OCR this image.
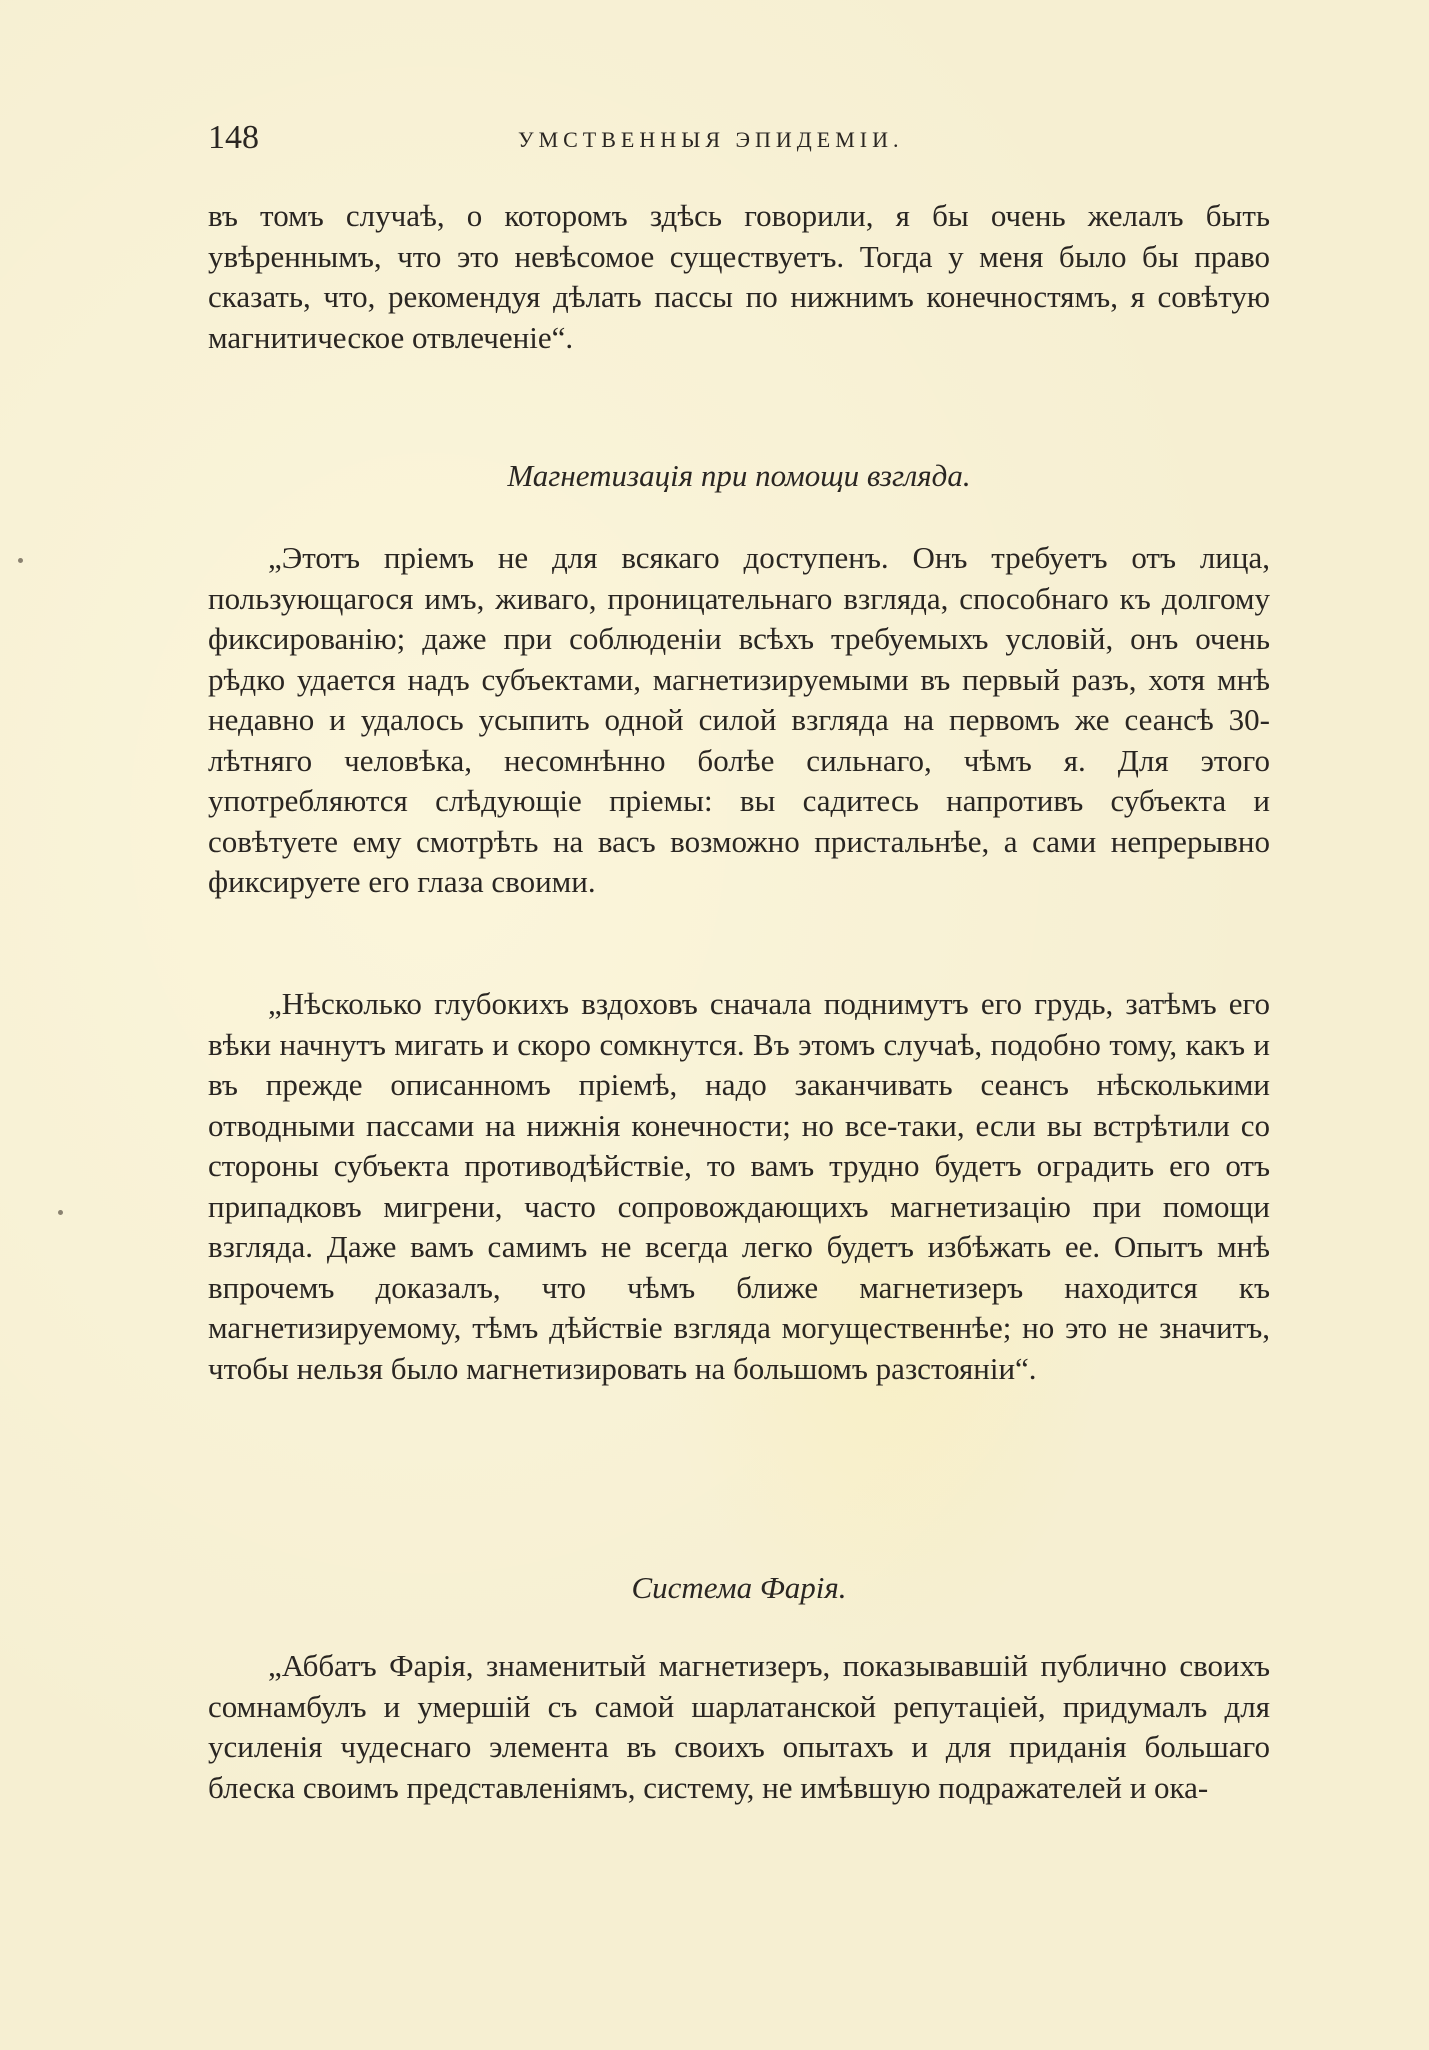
148	УМСТВЕННЫЯ ЭПИДЕМІИ.

въ томъ случаѣ, о которомъ здѣсь говорили, я бы очень желалъ быть увѣреннымъ, что это невѣсомое существуетъ. Тогда у меня было бы право сказать, что, рекомендуя дѣлать пассы по нижнимъ конечностямъ, я совѣтую магнитическое отвлеченіе“.

Магнетизація при помощи взгляда.

„Этотъ пріемъ не для всякаго доступенъ. Онъ требуетъ отъ лица, пользующагося имъ, живаго, проницательнаго взгляда, способнаго къ долгому фиксированію; даже при соблюденіи всѣхъ требуемыхъ условій, онъ очень рѣдко удается надъ субъектами, магнетизируемыми въ первый разъ, хотя мнѣ недавно и удалось усыпить одной силой взгляда на первомъ же сеансѣ 30-лѣтняго человѣка, несомнѣнно болѣе сильнаго, чѣмъ я. Для этого употребляются слѣдующіе пріемы: вы садитесь напротивъ субъекта и совѣтуете ему смотрѣть на васъ возможно пристальнѣе, а сами непрерывно фиксируете его глаза своими.

„Нѣсколько глубокихъ вздоховъ сначала поднимутъ его грудь, затѣмъ его вѣки начнутъ мигать и скоро сомкнутся. Въ этомъ случаѣ, подобно тому, какъ и въ прежде описанномъ пріемѣ, надо заканчивать сеансъ нѣсколькими отводными пассами на нижнія конечности; но все-таки, если вы встрѣтили со стороны субъекта противодѣйствіе, то вамъ трудно будетъ оградить его отъ припадковъ мигрени, часто сопровождающихъ магнетизацію при помощи взгляда. Даже вамъ самимъ не всегда легко будетъ избѣжать ее. Опытъ мнѣ впрочемъ доказалъ, что чѣмъ ближе магнетизеръ находится къ магнетизируемому, тѣмъ дѣйствіе взгляда могущественнѣе; но это не значитъ, чтобы нельзя было магнетизировать на большомъ разстояніи“.

Система Фарія.

„Аббатъ Фарія, знаменитый магнетизеръ, показывавшій публично своихъ сомнамбулъ и умершій съ самой шарлатанской репутаціей, придумалъ для усиленія чудеснаго элемента въ своихъ опытахъ и для приданія большаго блеска своимъ представленіямъ, систему, не имѣвшую подражателей и ока-
